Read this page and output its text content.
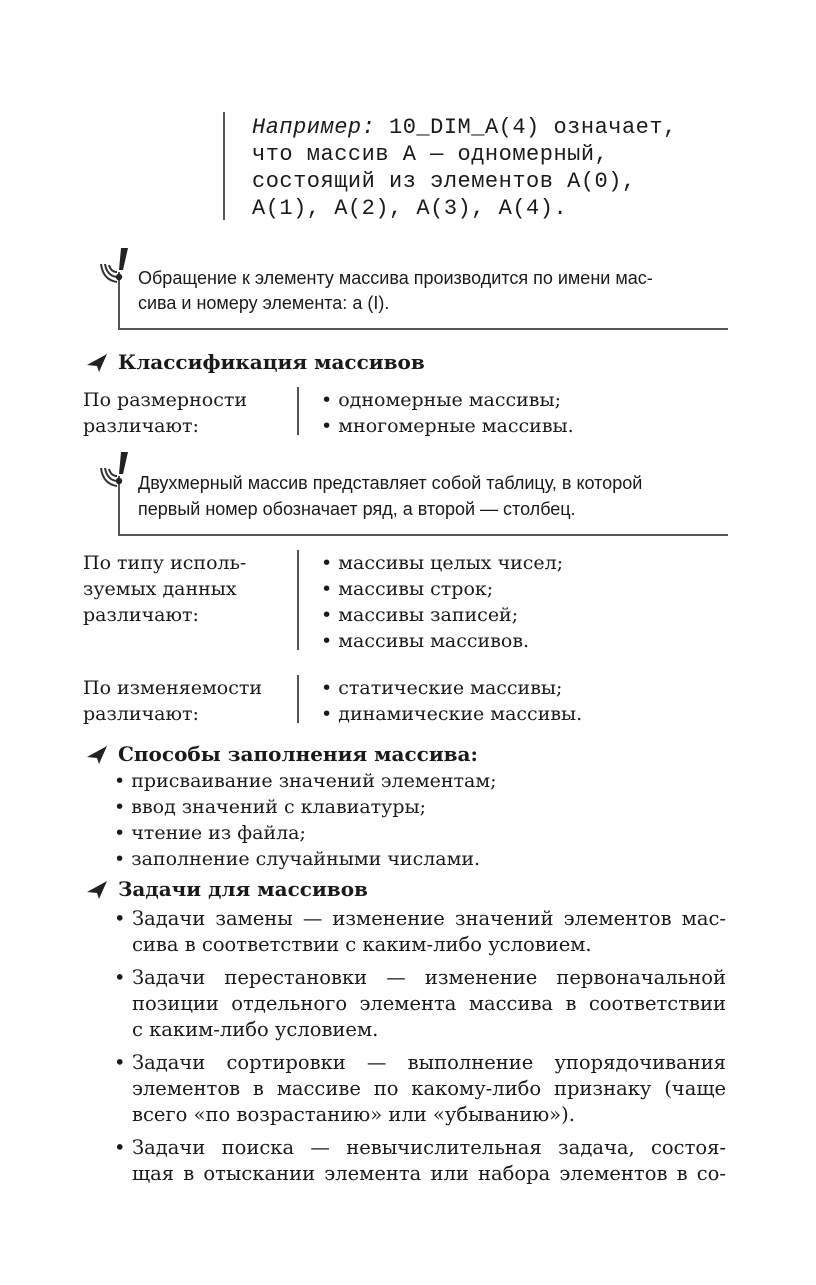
Например: 10_DIM_A(4) означает,
что массив A — одномерный,
состоящий из элементов A(0),
A(1), A(2), A(3), A(4).
Обращение к элементу массива производится по имени мас-
сива и номеру элемента: а (I).
Классификация массивов
По размерности
различают:
• одномерные массивы;
• многомерные массивы.
Двухмерный массив представляет собой таблицу, в которой
первый номер обозначает ряд, а второй — столбец.
По типу исполь-
зуемых данных
различают:
• массивы целых чисел;
• массивы строк;
• массивы записей;
• массивы массивов.
По изменяемости
различают:
• статические массивы;
• динамические массивы.
Способы заполнения массива:
• присваивание значений элементам;
• ввод значений с клавиатуры;
• чтение из файла;
• заполнение случайными числами.
Задачи для массивов
• Задачи замены — изменение значений элементов мас-
сива в соответствии с каким-либо условием.
• Задачи перестановки — изменение первоначальной
позиции отдельного элемента массива в соответствии
с каким-либо условием.
• Задачи сортировки — выполнение упорядочивания
элементов в массиве по какому-либо признаку (чаще
всего «по возрастанию» или «убыванию»).
• Задачи поиска — невычислительная задача, состоя-
щая в отыскании элемента или набора элементов в со-
